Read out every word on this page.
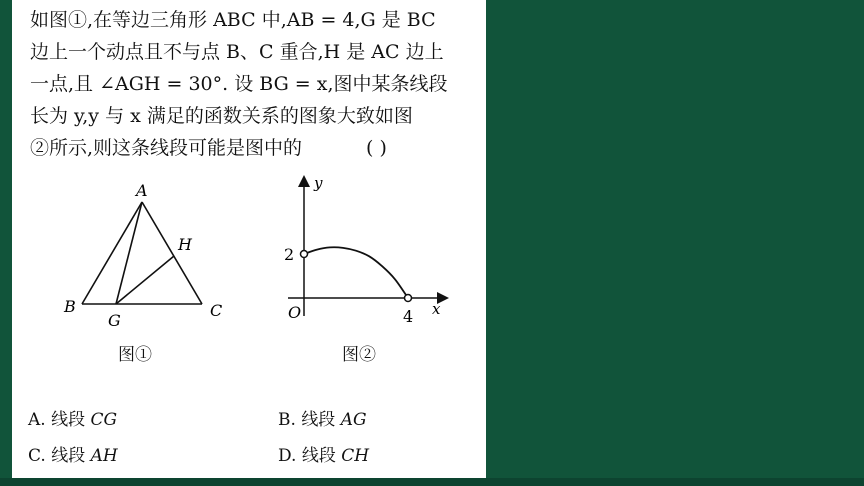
如图①,在等边三角形 ABC 中,AB = 4,G 是 BC
边上一个动点且不与点 B、C 重合,H 是 AC 边上
一点,且 ∠AGH = 30°. 设 BG = x,图中某条线段
长为 y,y 与 x 满足的函数关系的图象大致如图
②所示,则这条线段可能是图中的	( )
A
H
B
G
C
图①
y
x
O
2
4
图②
A. 线段 CG	B. 线段 AG
C. 线段 AH	D. 线段 CH
